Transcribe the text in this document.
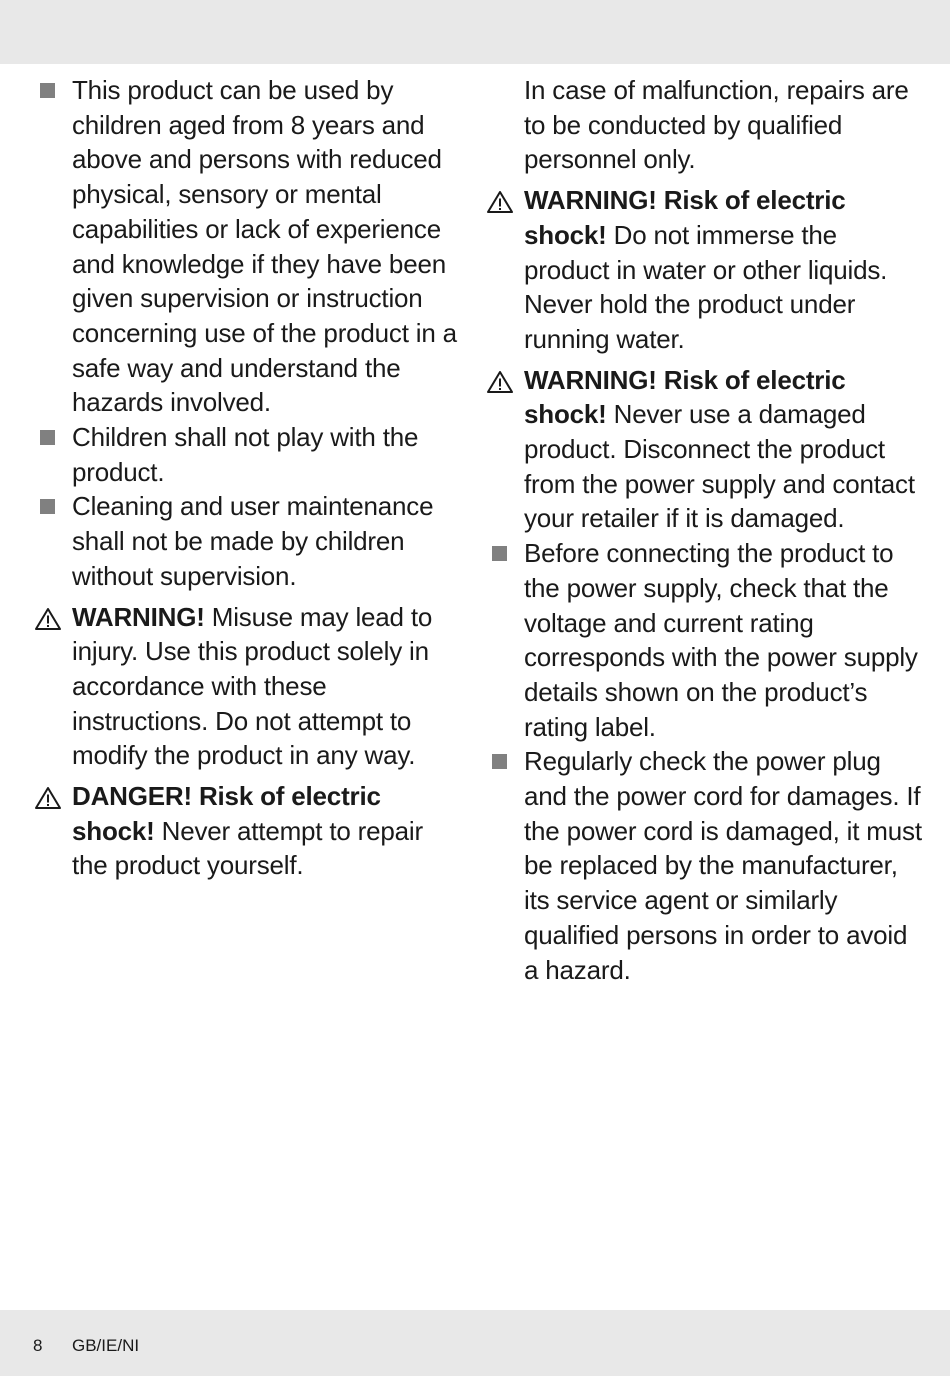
This product can be used by children aged from 8 years and above and persons with reduced physical, sensory or mental capabilities or lack of experience and knowledge if they have been given supervision or instruction concerning use of the product in a safe way and understand the hazards involved.
Children shall not play with the product.
Cleaning and user maintenance shall not be made by children without supervision.
WARNING! Misuse may lead to injury. Use this product solely in accordance with these instructions. Do not attempt to modify the product in any way.
DANGER! Risk of electric shock! Never attempt to repair the product yourself.
In case of malfunction, repairs are to be conducted by qualified personnel only.
WARNING! Risk of electric shock! Do not immerse the product in water or other liquids. Never hold the product under running water.
WARNING! Risk of electric shock! Never use a damaged product. Disconnect the product from the power supply and contact your retailer if it is damaged.
Before connecting the product to the power supply, check that the voltage and current rating corresponds with the power supply details shown on the product’s rating label.
Regularly check the power plug and the power cord for damages. If the power cord is damaged, it must be replaced by the manufacturer, its service agent or similarly qualified persons in order to avoid a hazard.
8 GB/IE/NI
